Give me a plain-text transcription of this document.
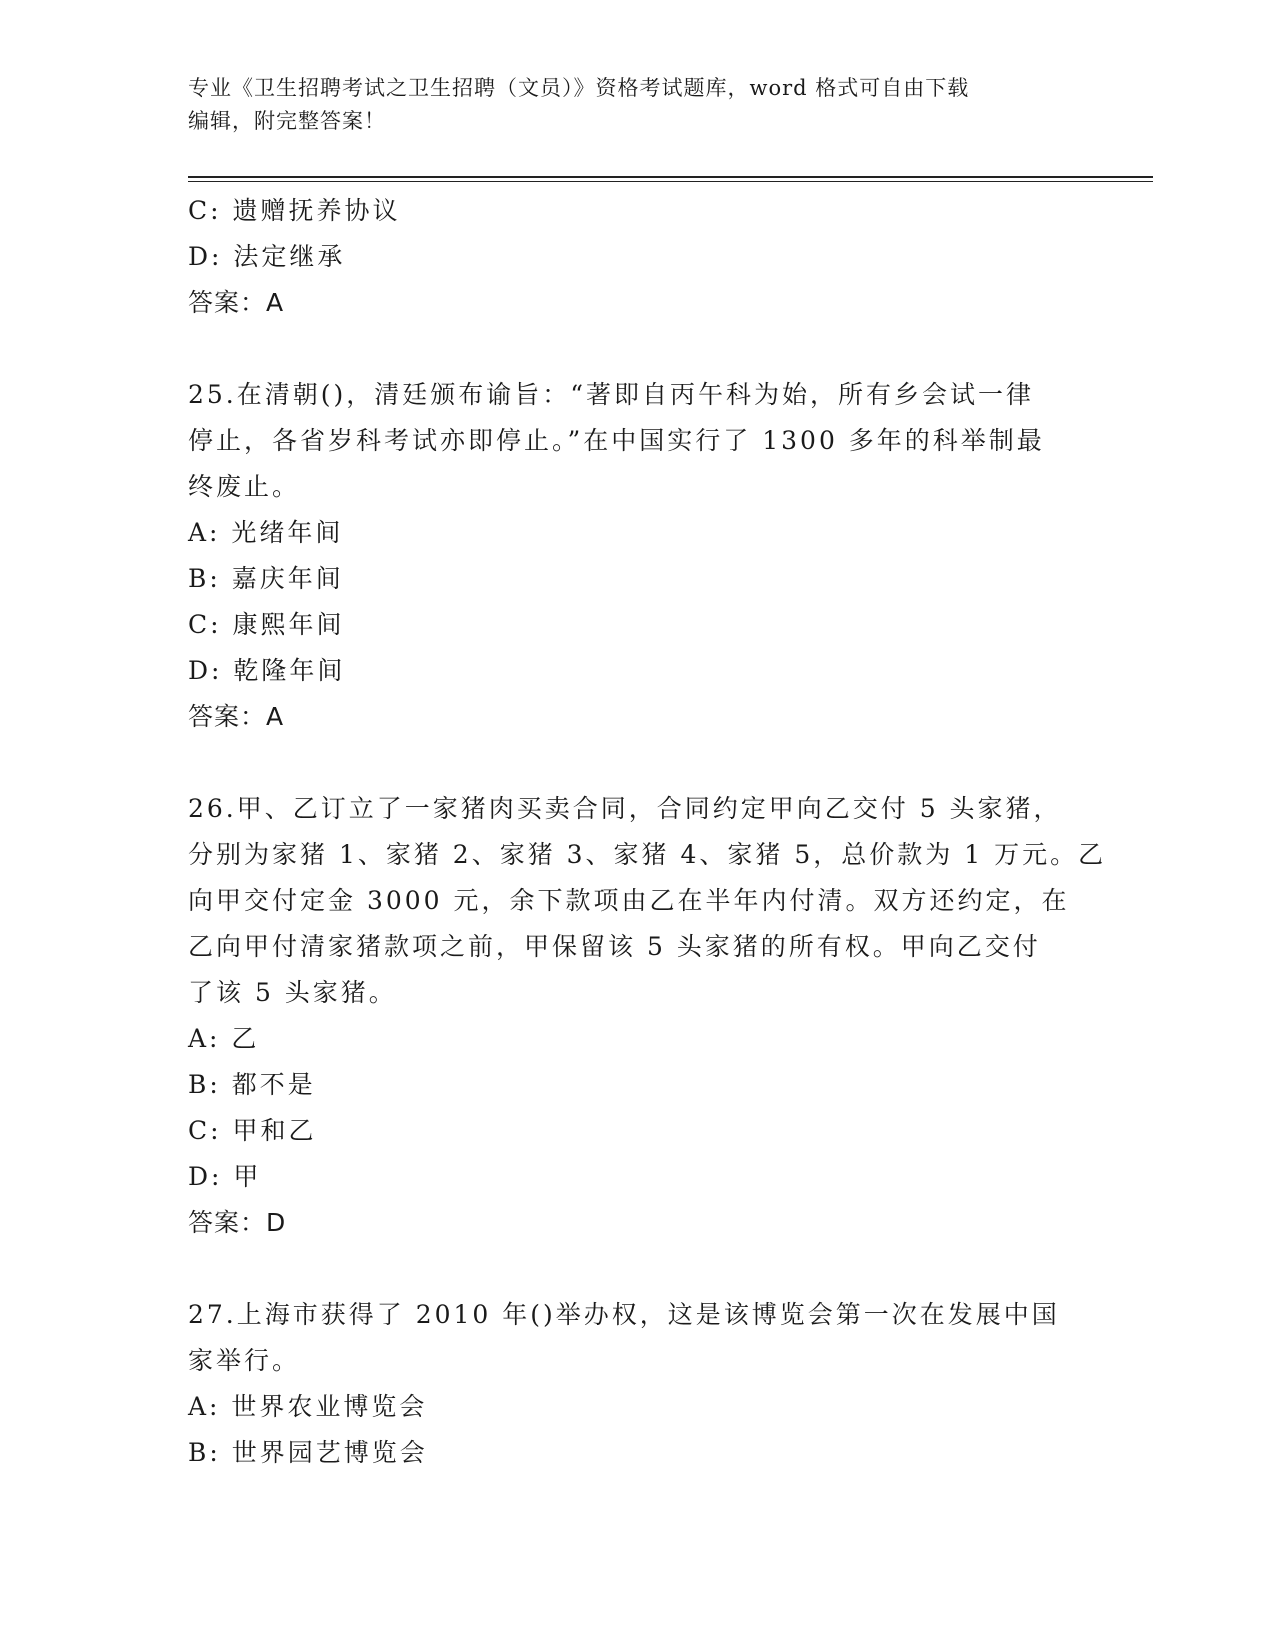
专业《卫生招聘考试之卫生招聘（文员）》资格考试题库，word 格式可自由下载
编辑，附完整答案！
C: 遗赠抚养协议
D: 法定继承
答案：A
25.在清朝()，清廷颁布谕旨：“著即自丙午科为始，所有乡会试一律
停止，各省岁科考试亦即停止。”在中国实行了 1300 多年的科举制最
终废止。
A: 光绪年间
B: 嘉庆年间
C: 康熙年间
D: 乾隆年间
答案：A
26.甲、乙订立了一家猪肉买卖合同，合同约定甲向乙交付 5 头家猪，
分别为家猪 1、家猪 2、家猪 3、家猪 4、家猪 5，总价款为 1 万元。乙
向甲交付定金 3000 元，余下款项由乙在半年内付清。双方还约定，在
乙向甲付清家猪款项之前，甲保留该 5 头家猪的所有权。甲向乙交付
了该 5 头家猪。
A: 乙
B: 都不是
C: 甲和乙
D: 甲
答案：D
27.上海市获得了 2010 年()举办权，这是该博览会第一次在发展中国
家举行。
A: 世界农业博览会
B: 世界园艺博览会
